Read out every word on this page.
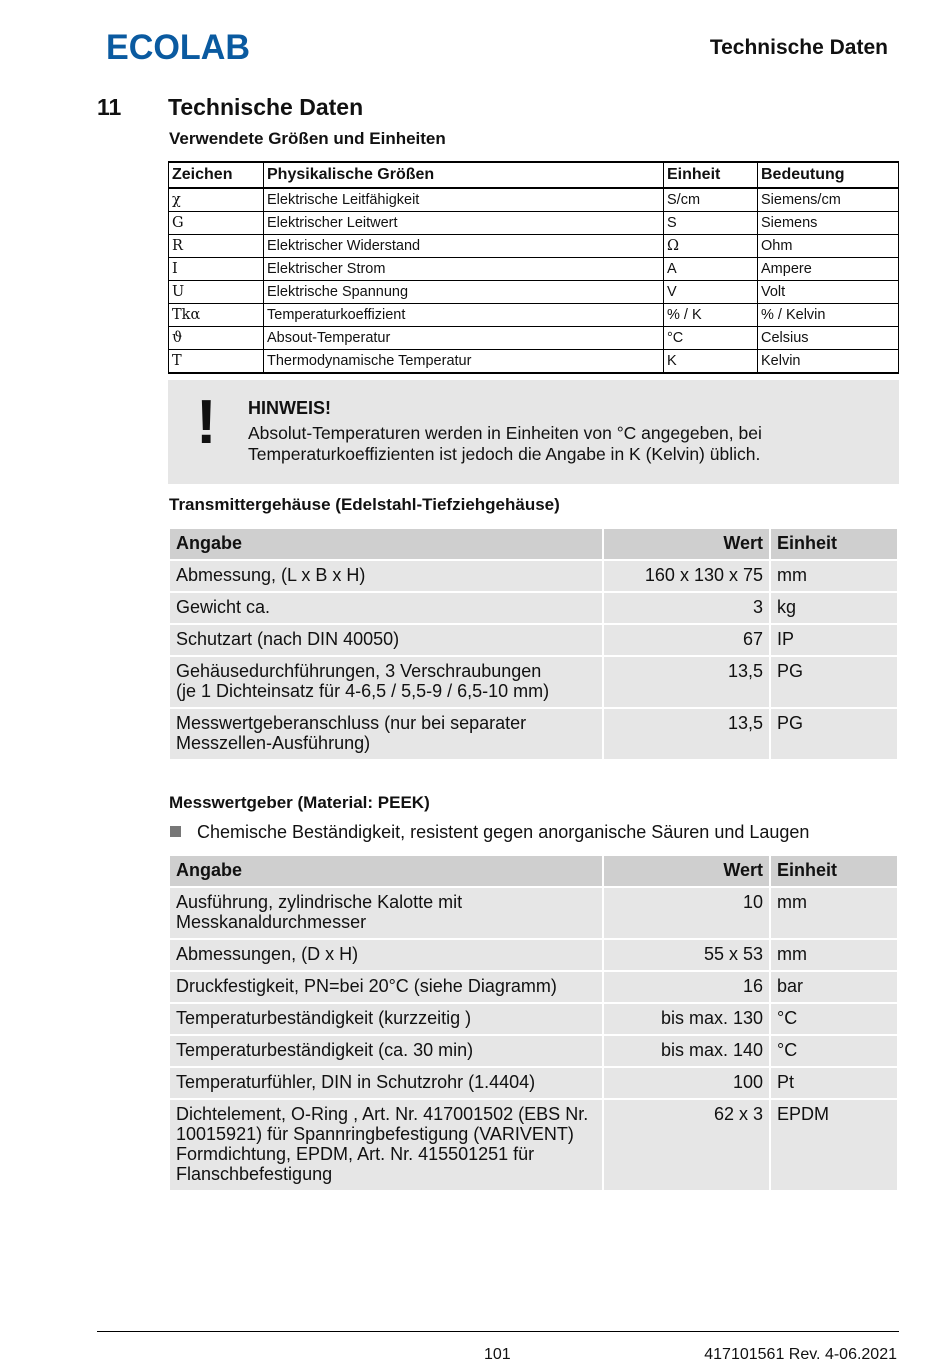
ECOLAB	Technische Daten
11 Technische Daten
Verwendete Größen und Einheiten
Zeichen	Physikalische Größen	Einheit	Bedeutung
χ	Elektrische Leitfähigkeit	S/cm	Siemens/cm
G	Elektrischer Leitwert	S	Siemens
R	Elektrischer Widerstand	Ω	Ohm
I	Elektrischer Strom	A	Ampere
U	Elektrische Spannung	V	Volt
Tkα	Temperaturkoeffizient	% / K	% / Kelvin
ϑ	Absout-Temperatur	°C	Celsius
T	Thermodynamische Temperatur	K	Kelvin
! HINWEIS!
Absolut-Temperaturen werden in Einheiten von °C angegeben, bei
Temperaturkoeffizienten ist jedoch die Angabe in K (Kelvin) üblich.
Transmittergehäuse (Edelstahl-Tiefziehgehäuse)
Angabe	Wert	Einheit

Abmessung, (L x B x H)	160 x 130 x 75	mm

Gewicht ca.	3	kg

Schutzart (nach DIN 40050)	67	IP

Gehäusedurchführungen, 3 Verschraubungen
(je 1 Dichteinsatz für 4-6,5 / 5,5-9 / 6,5-10 mm)	13,5	PG

Messwertgeberanschluss (nur bei separater
Messzellen-Ausführung)	13,5	PG
Messwertgeber (Material: PEEK)
Chemische Beständigkeit, resistent gegen anorganische Säuren und Laugen
Angabe	Wert	Einheit

Ausführung, zylindrische Kalotte mit
Messkanaldurchmesser	10	mm

Abmessungen, (D x H)	55 x 53	mm

Druckfestigkeit, PN=bei 20°C (siehe Diagramm)	16	bar

Temperaturbeständigkeit (kurzzeitig )	bis max. 130	°C

Temperaturbeständigkeit (ca. 30 min)	bis max. 140	°C

Temperaturfühler, DIN in Schutzrohr (1.4404)	100	Pt

Dichtelement, O-Ring , Art. Nr. 417001502 (EBS Nr.
10015921) für Spannringbefestigung (VARIVENT)
Formdichtung, EPDM, Art. Nr. 415501251 für
Flanschbefestigung	62 x 3	EPDM
101	417101561 Rev. 4-06.2021
